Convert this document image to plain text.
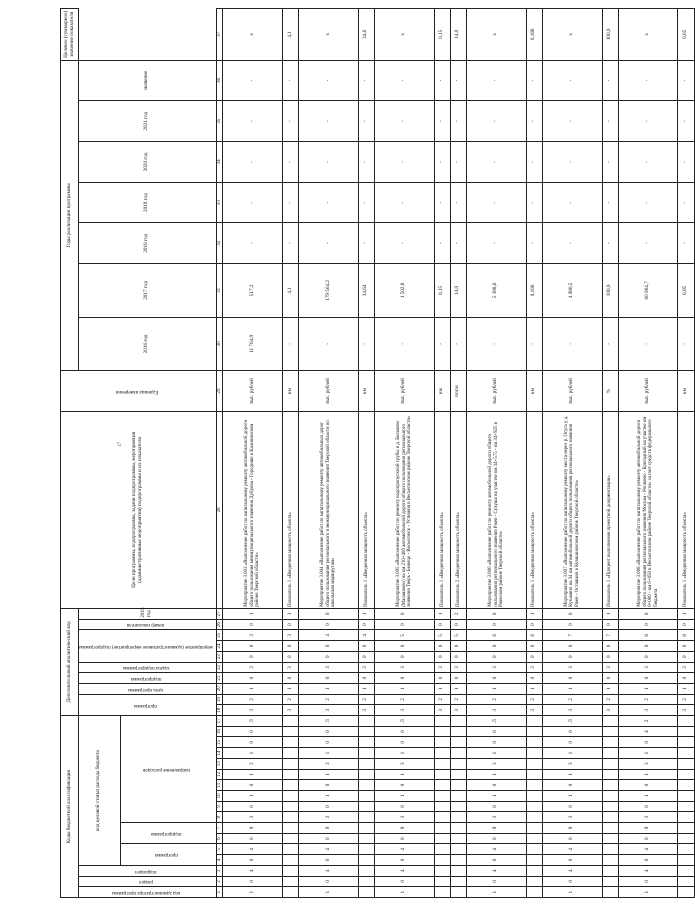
17
Коды бюджетной классификации																	Дополнительный аналитический код										Цели программы, подпрограммы, задачи подпрограммы, мероприятия (административные мероприятия) подпрограммы и их показатели	Единица измерения	Годы реализации программы							Целевое (суммарное) значение показателя
код администратора программы	раздел	подраздел	код целевой статьи расхода бюджета														программа		цель программы	подпрограмма	задача подпрограммы	мероприятие (административное мероприятие) подпрограммы			номер показателя	2015 год			2016 год	2017 год	2018 год	2019 год	2020 год	2021 год	значение	
			программа		подпрограмма		направление расходов																													
1	2	3	4	5	6	7	8	9	10	11	12	13	14	15	16	17	18	19	20	21	22	23	24	25	26	27	28	29	30	31	32	33	34	35	36	37
1	0	4	0	4	0	9	3	0	1	0	1	3	1	0	0	Л	3	2	1	0	3	0	0	3	0	1	Мероприятие 3.003 «Выполнение работ по капитальному ремонту автомобильной дороги общего пользования межмуниципального значения Дуброва - Городище в Калининском районе Тверской области»	тыс. рублей	11 764,9	517,2	-	-	-	-	-	х
																	3	2	1	0	3	0	0	3	0	1	Показатель 1 «Введенная мощность объекта»	км	-	4,1	-	-	-	-	-	4,1
1	0	4	0	4	0	9	3	0	1	0	1	3	1	0	0	Л	3	2	1	0	3	0	0	4	0	0	Мероприятие 3.004 «Выполнение работ по капитальному ремонту автомобильных дорог общего пользования регионального и межмуниципального значения Тверской области по школьным маршрутам»	тыс. рублей	-	179 564,2	-	-	-	-	-	х
																	3	2	1	0	3	0	0	4	0	1	Показатель 1 «Введенная мощность объекта»	км	-	34,64	-	-	-	-	-	34,6
1	0	4	0	4	0	9	3	0	1	0	1	3	1	0	0	Л	3	2	1	0	3	0	0	5	0	0	Мероприятие 3.005 «Выполнение работ по ремонту водопропускной трубы в д. Бельково (Малашково) на км 210+400 автомобильной дороги общего пользования регионального значения Тверь - Бежецк - Весьегонск - Устюжна в Весьегонском районе Тверской области»	тыс. рублей	-	1 502,8	-	-	-	-	-	х
																	3	2	1	0	3	0	0	5	0	1	Показатель 1 «Введенная мощность объекта»	км	-	0,15	-	-	-	-	-	0,15
																	3	2	1	0	3	0	0	5	0	2	Показатель 2 «Введенная мощность объекта»	пог.м	-	14,0	-	-	-	-	-	14,0
1	0	4	0	4	0	9	3	0	1	0	1	3	1	0	0	Л	3	2	1	0	3	0	0	6	0	0	Мероприятие 3.006 «Выполнение работ по ремонту автомобильной дороги общего пользования регионального значения Ржев - Сухуша на участке км 34+575 - км 34+925 в Ржевском районе Тверской области»	тыс. рублей	-	5 188,6	-	-	-	-	-	х
																	3	2	1	0	3	0	0	6	0	1	Показатель 1 «Введенная мощность объекта»	км	-	0,168	-	-	-	-	-	0,168
1	0	4	0	4	0	9	3	0	1	0	1	3	1	0	0	Л	3	2	1	0	3	0	0	7	0	0	Мероприятие 3.007 «Выполнение работ по капитальному ремонту моста через р. Осуга у д. Кузьмино на 34 км автомобильной дороги общего пользования регионального значения Ржев - Осташков в Кувшиновском районе Тверской области»	тыс. рублей	-	4 086,5	-	-	-	-	-	х
																	3	2	1	0	3	0	0	7	0	1	Показатель 1 «Процент выполнения проектной документации»	%	-	100,0	-	-	-	-	-	100,0
1	0	4	0	4	0	9	3	0	1	0	1	3	1	0	4	2	3	2	1	0	3	0	0	8	0	0	Мероприятие 3.008 «Выполнение работ по капитальному ремонту автомобильной дороги общего пользования регионального значения Москва - Рогачево - Бригадный на участке км 0+000 - км 6+050 в Весьегонском районе Тверской области» за счет средств федерального бюджета	тыс. рублей	-	60 064,7	-	-	-	-	-	х
																	3	2	1	0	3	0	0	8	0	1	Показатель 1 «Введенная мощность объекта»	км	-	6,05	-	-	-	-	-	6,05
